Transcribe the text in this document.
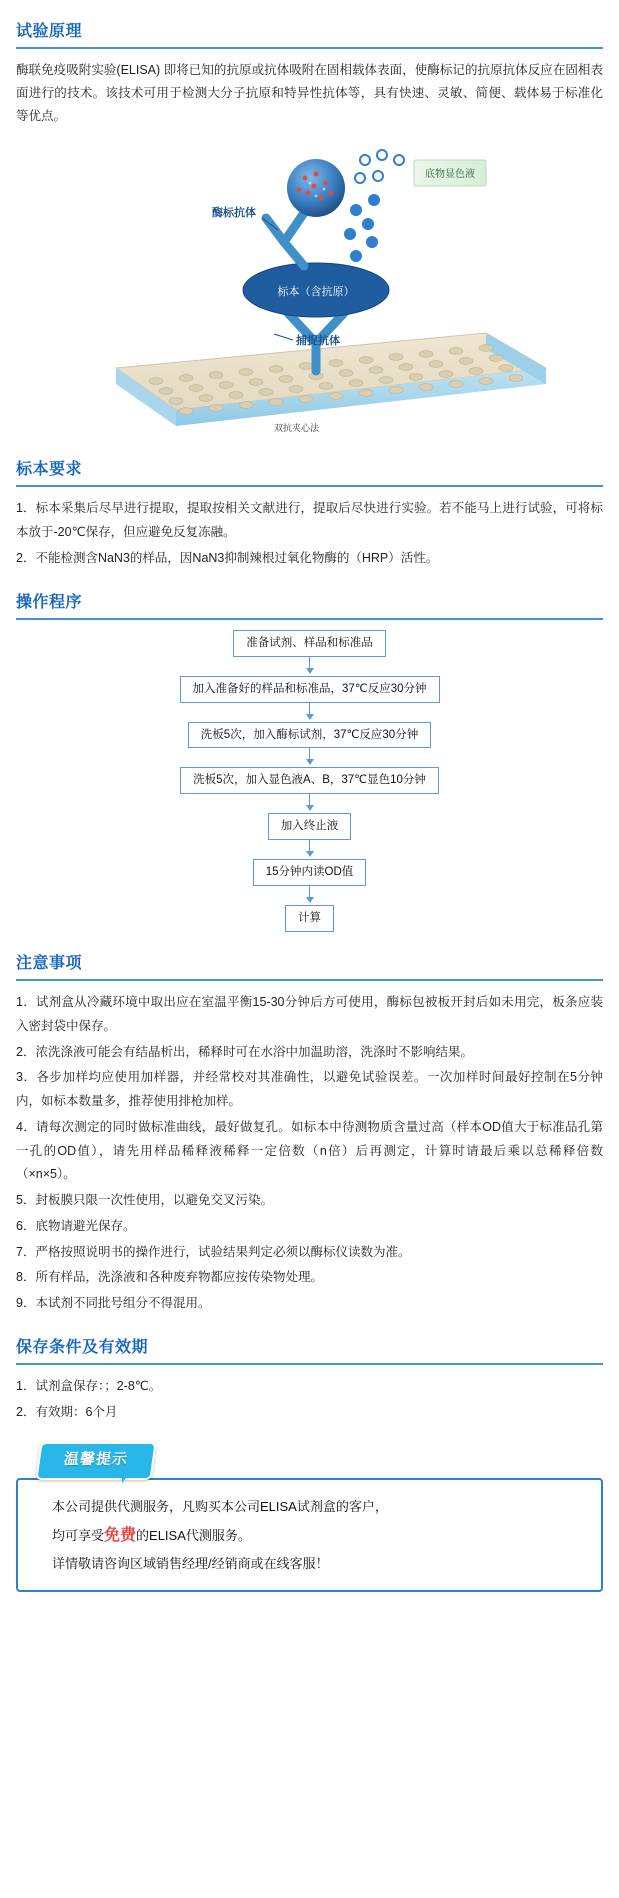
试验原理

酶联免疫吸附实验(ELISA) 即将已知的抗原或抗体吸附在固相载体表面，使酶标记的抗原抗体反应在固相表面进行的技术。该技术可用于检测大分子抗原和特异性抗体等，具有快速、灵敏、简便、载体易于标准化等优点。

标本（含抗原）
底物显色液
酶标抗体
捕捉抗体
双抗夹心法
标本要求

1．标本采集后尽早进行提取，提取按相关文献进行，提取后尽快进行实验。若不能马上进行试验，可将标本放于-20℃保存，但应避免反复冻融。

2．不能检测含NaN3的样品，因NaN3抑制辣根过氧化物酶的（HRP）活性。

操作程序
准备试剂、样品和标准品
加入准备好的样品和标准品，37℃反应30分钟
洗板5次，加入酶标试剂，37℃反应30分钟
洗板5次，加入显色液A、B，37℃显色10分钟
加入终止液
15分钟内读OD值
计算
注意事项

1．试剂盒从冷藏环境中取出应在室温平衡15-30分钟后方可使用，酶标包被板开封后如未用完，板条应装入密封袋中保存。

2．浓洗涤液可能会有结晶析出，稀释时可在水浴中加温助溶，洗涤时不影响结果。

3．各步加样均应使用加样器，并经常校对其准确性，以避免试验误差。一次加样时间最好控制在5分钟内，如标本数量多，推荐使用排枪加样。

4．请每次测定的同时做标准曲线，最好做复孔。如标本中待测物质含量过高（样本OD值大于标准品孔第一孔的OD值），请先用样品稀释液稀释一定倍数（n倍）后再测定，计算时请最后乘以总稀释倍数（×n×5）。

5．封板膜只限一次性使用，以避免交叉污染。

6．底物请避光保存。

7．严格按照说明书的操作进行，试验结果判定必须以酶标仪读数为准。

8．所有样品，洗涤液和各种废弃物都应按传染物处理。

9．本试剂不同批号组分不得混用。

保存条件及有效期

1．试剂盒保存：；2-8℃。

2．有效期：6个月

温馨提示

本公司提供代测服务，凡购买本公司ELISA试剂盒的客户，

均可享受免费的ELISA代测服务。

详情敬请咨询区域销售经理/经销商或在线客服！
